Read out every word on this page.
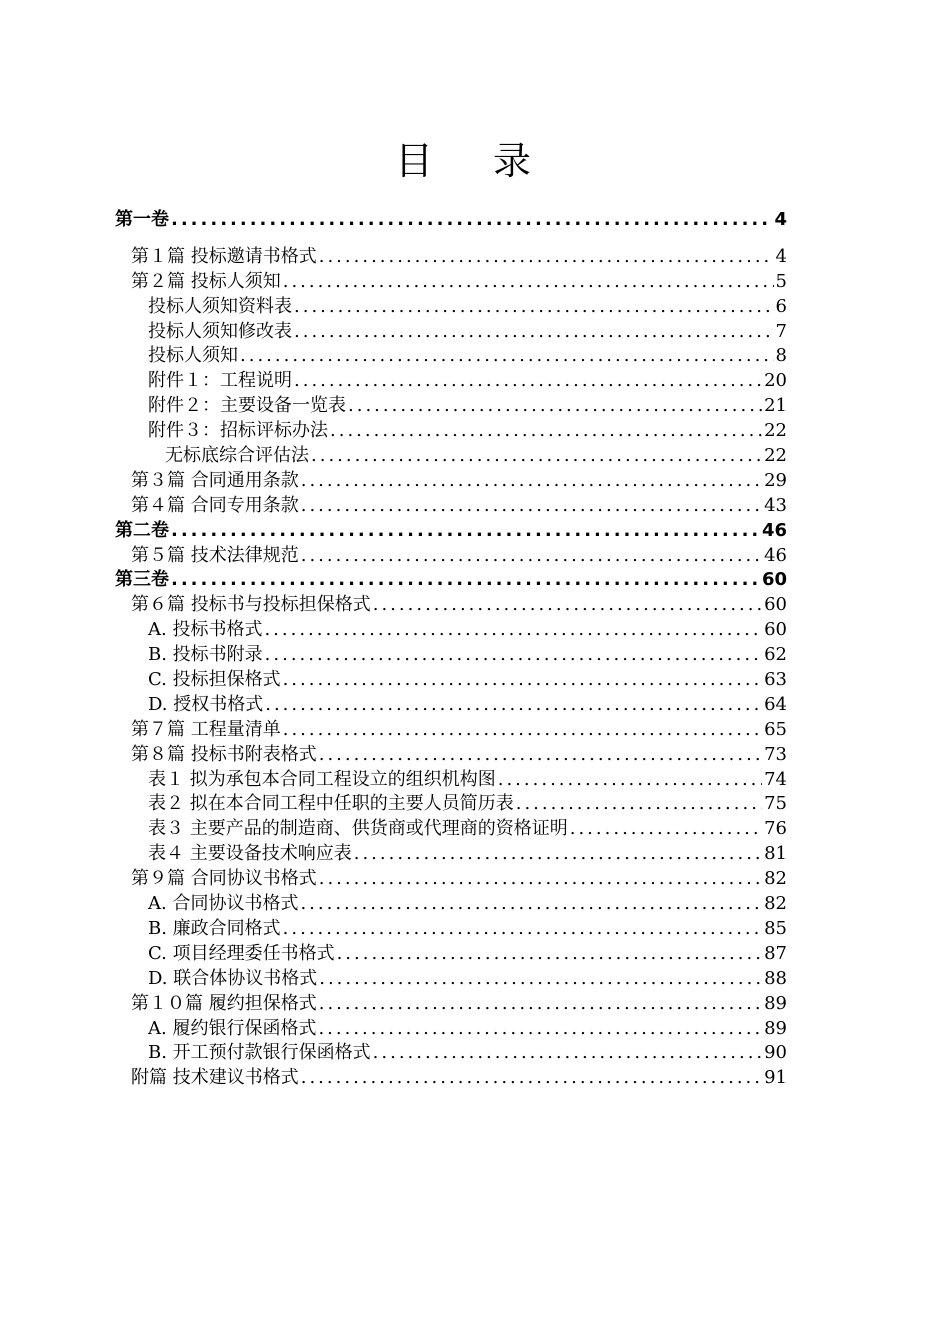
目 录
第一卷 .....	4
第１篇 投标邀请书格式 .....	4
第２篇 投标人须知 .....	5
投标人须知资料表 .....	6
投标人须知修改表 .....	7
投标人须知 .....	8
附件１：工程说明 .....	20
附件２：主要设备一览表 .....	21
附件３：招标评标办法 .....	22
无标底综合评估法 .....	22
第３篇 合同通用条款 .....	29
第４篇 合同专用条款 .....	43
第二卷 .....	46
第５篇 技术法律规范 .....	46
第三卷 .....	60
第６篇 投标书与投标担保格式 .....	60
A. 投标书格式 .....	60
B. 投标书附录 .....	62
C. 投标担保格式 .....	63
D. 授权书格式 .....	64
第７篇 工程量清单 .....	65
第８篇 投标书附表格式 .....	73
表１ 拟为承包本合同工程设立的组织机构图 .....	74
表２ 拟在本合同工程中任职的主要人员简历表 .....	75
表３ 主要产品的制造商、供货商或代理商的资格证明 .....	76
表４ 主要设备技术响应表 .....	81
第９篇 合同协议书格式 .....	82
A. 合同协议书格式 .....	82
B. 廉政合同格式 .....	85
C. 项目经理委任书格式 .....	87
D. 联合体协议书格式 .....	88
第１０篇 履约担保格式 .....	89
A. 履约银行保函格式 .....	89
B. 开工预付款银行保函格式 .....	90
附篇 技术建议书格式 .....	91
